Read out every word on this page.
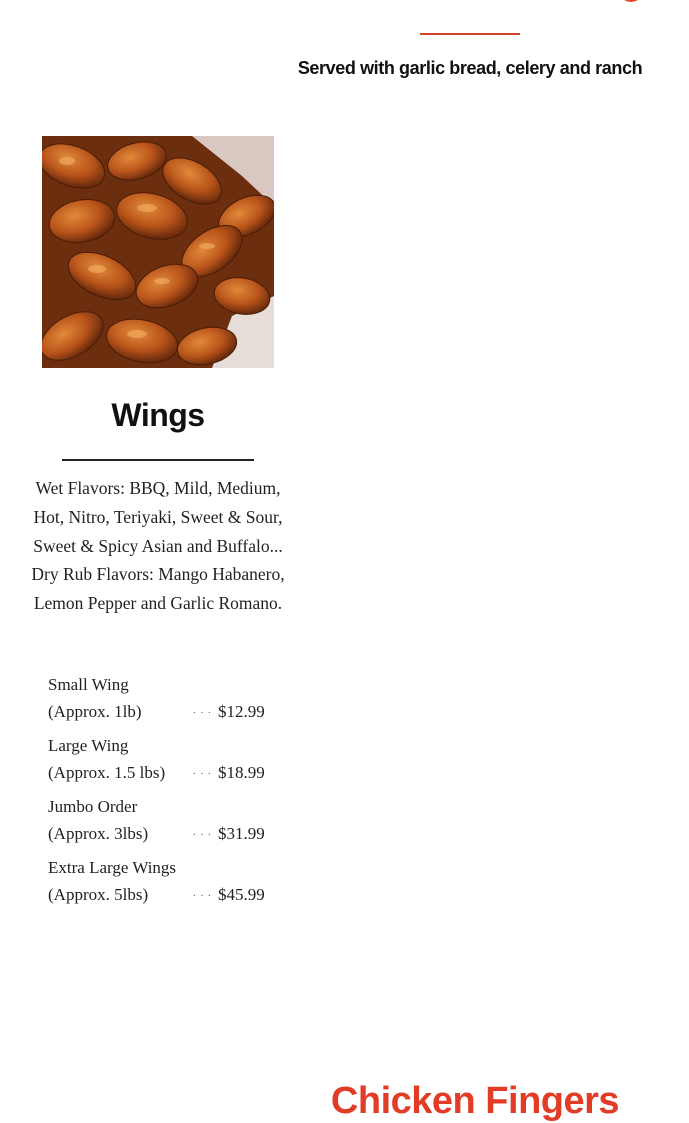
Served with garlic bread, celery and ranch
Wings

Wet Flavors: BBQ, Mild, Medium, Hot, Nitro, Teriyaki, Sweet & Sour, Sweet & Spicy Asian and Buffalo...

Dry Rub Flavors: Mango Habanero, Lemon Pepper and Garlic Romano.

Small Wing
(Approx. 1lb)	. . . $12.99
Large Wing
(Approx. 1.5 lbs)	. . . $18.99
Jumbo Order
(Approx. 3lbs)	. . . $31.99
Extra Large Wings
(Approx. 5lbs)	. . . $45.99
Chicken Fingers
